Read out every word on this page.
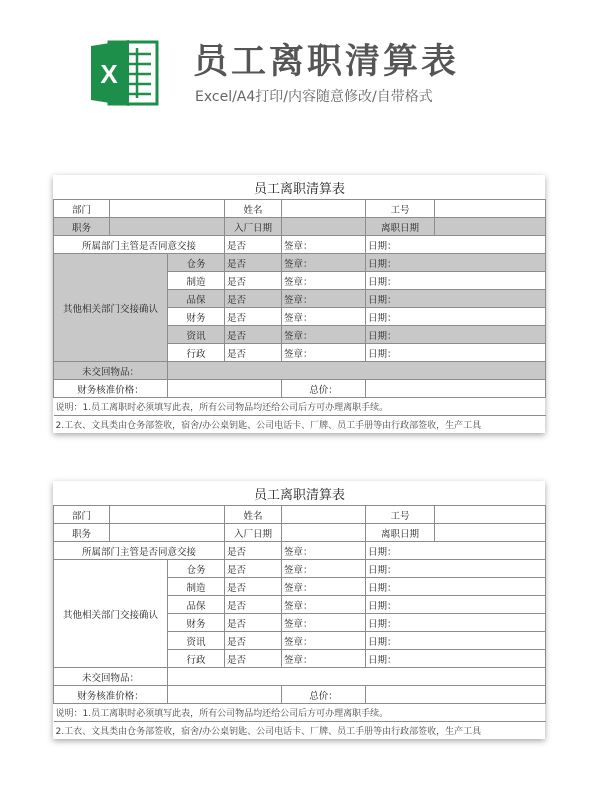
X 员工离职清算表
Excel/A4打印/内容随意修改/自带格式
员工离职清算表						
部门			姓名		工号	
职务			入厂日期		离职日期	
所属部门主管是否同意交接			是否	签章：	日期：	
其他相关部门交接确认		仓务	是否	签章：	日期：	
		制造	是否	签章：	日期：	
		品保	是否	签章：	日期：	
		财务	是否	签章：	日期：	
		资讯	是否	签章：	日期：	
		行政	是否	签章：	日期：	
未交回物品：						
财务核准价格：				总价：		
说明：1.员工离职时必须填写此表，所有公司物品均还给公司后方可办理离职手续。						
2.工衣、文具类由仓务部签收，宿舍/办公桌钥匙、公司电话卡、厂牌、员工手册等由行政部签收，生产工具						
员工离职清算表						
部门			姓名		工号	
职务			入厂日期		离职日期	
所属部门主管是否同意交接			是否	签章：	日期：	
其他相关部门交接确认		仓务	是否	签章：	日期：	
		制造	是否	签章：	日期：	
		品保	是否	签章：	日期：	
		财务	是否	签章：	日期：	
		资讯	是否	签章：	日期：	
		行政	是否	签章：	日期：	
未交回物品：						
财务核准价格：				总价：		
说明：1.员工离职时必须填写此表，所有公司物品均还给公司后方可办理离职手续。						
2.工衣、文具类由仓务部签收，宿舍/办公桌钥匙、公司电话卡、厂牌、员工手册等由行政部签收，生产工具						
